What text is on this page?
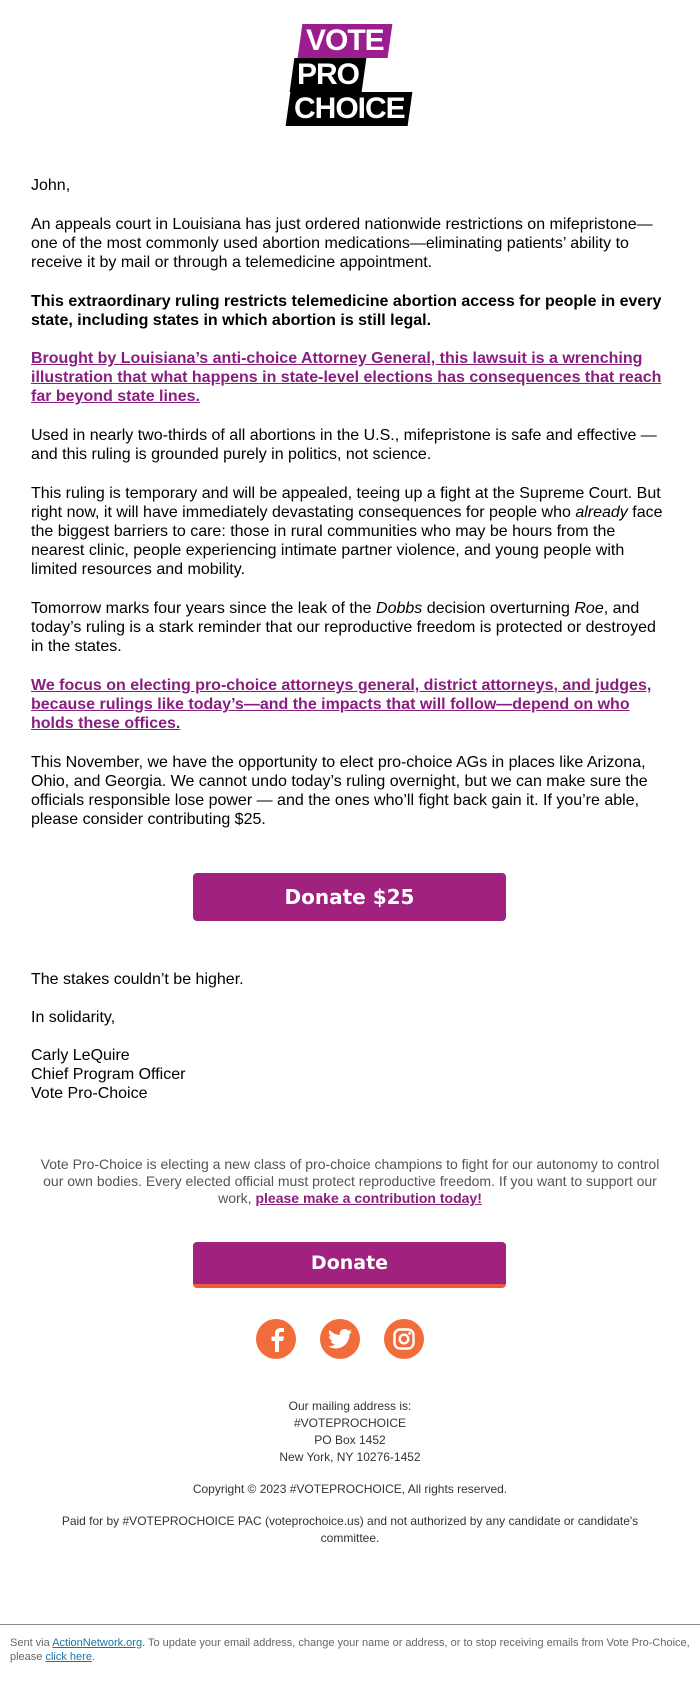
VOTE
PRO
CHOICE

John,

An appeals court in Louisiana has just ordered nationwide restrictions on mifepristone—one of the most commonly used abortion medications—eliminating patients’ ability to receive it by mail or through a telemedicine appointment.

This extraordinary ruling restricts telemedicine abortion access for people in every state, including states in which abortion is still legal.

Brought by Louisiana’s anti-choice Attorney General, this lawsuit is a wrenching illustration that what happens in state-level elections has consequences that reach far beyond state lines.

Used in nearly two-thirds of all abortions in the U.S., mifepristone is safe and effective — and this ruling is grounded purely in politics, not science.

This ruling is temporary and will be appealed, teeing up a fight at the Supreme Court. But right now, it will have immediately devastating consequences for people who already face the biggest barriers to care: those in rural communities who may be hours from the nearest clinic, people experiencing intimate partner violence, and young people with limited resources and mobility.

Tomorrow marks four years since the leak of the Dobbs decision overturning Roe, and today’s ruling is a stark reminder that our reproductive freedom is protected or destroyed in the states.

We focus on electing pro-choice attorneys general, district attorneys, and judges, because rulings like today’s—and the impacts that will follow—depend on who holds these offices.

This November, we have the opportunity to elect pro-choice AGs in places like Arizona, Ohio, and Georgia. We cannot undo today’s ruling overnight, but we can make sure the officials responsible lose power — and the ones who’ll fight back gain it. If you’re able, please consider contributing $25.

Donate $25

The stakes couldn’t be higher.

In solidarity,

Carly LeQuire

Chief Program Officer

Vote Pro-Choice

Vote Pro-Choice is electing a new class of pro-choice champions to fight for our autonomy to control our own bodies. Every elected official must protect reproductive freedom. If you want to support our work, please make a contribution today!
Donate
Our mailing address is:
#VOTEPROCHOICE
PO Box 1452
New York, NY 10276-1452
Copyright © 2023 #VOTEPROCHOICE, All rights reserved.
Paid for by #VOTEPROCHOICE PAC (voteprochoice.us) and not authorized by any candidate or candidate's committee.
Sent via ActionNetwork.org. To update your email address, change your name or address, or to stop receiving emails from Vote Pro-Choice, please click here.
